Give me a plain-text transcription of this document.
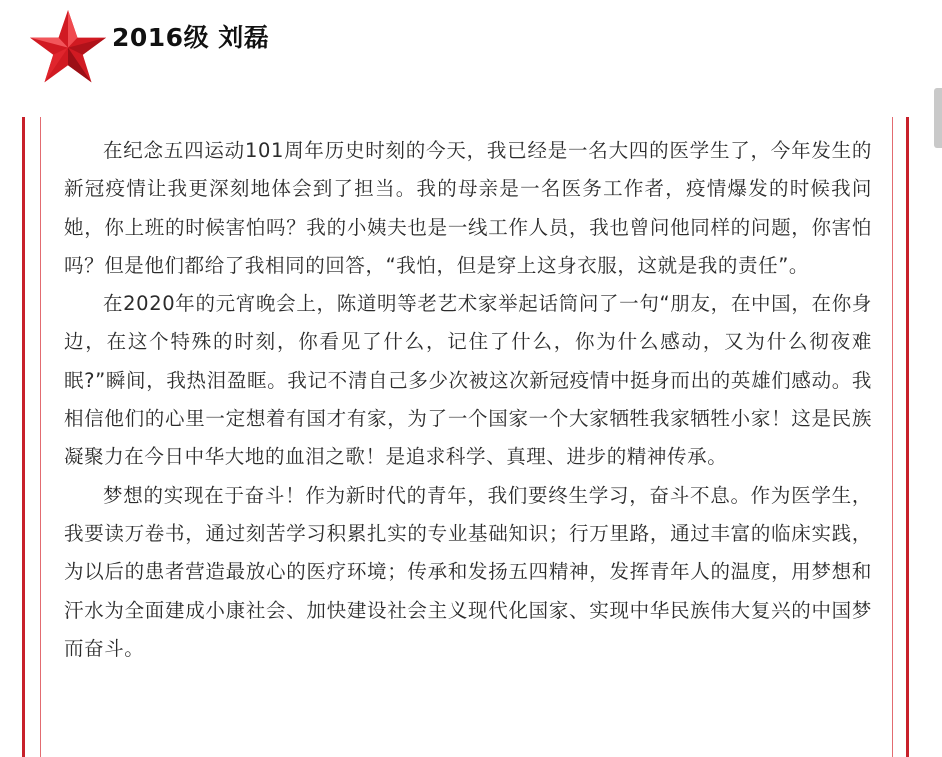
2016级 刘磊

在纪念五四运动101周年历史时刻的今天，我已经是一名大四的医学生了，今年发生的新冠疫情让我更深刻地体会到了担当。我的母亲是一名医务工作者，疫情爆发的时候我问她，你上班的时候害怕吗？我的小姨夫也是一线工作人员，我也曾问他同样的问题，你害怕吗？但是他们都给了我相同的回答，“我怕，但是穿上这身衣服，这就是我的责任”。

在2020年的元宵晚会上，陈道明等老艺术家举起话筒问了一句“朋友，在中国，在你身边，在这个特殊的时刻，你看见了什么，记住了什么，你为什么感动，又为什么彻夜难眠?”瞬间，我热泪盈眶。我记不清自己多少次被这次新冠疫情中挺身而出的英雄们感动。我相信他们的心里一定想着有国才有家，为了一个国家一个大家牺牲我家牺牲小家！这是民族凝聚力在今日中华大地的血泪之歌！是追求科学、真理、进步的精神传承。

梦想的实现在于奋斗！作为新时代的青年，我们要终生学习，奋斗不息。作为医学生，我要读万卷书，通过刻苦学习积累扎实的专业基础知识；行万里路，通过丰富的临床实践，为以后的患者营造最放心的医疗环境；传承和发扬五四精神，发挥青年人的温度，用梦想和汗水为全面建成小康社会、加快建设社会主义现代化国家、实现中华民族伟大复兴的中国梦而奋斗。
